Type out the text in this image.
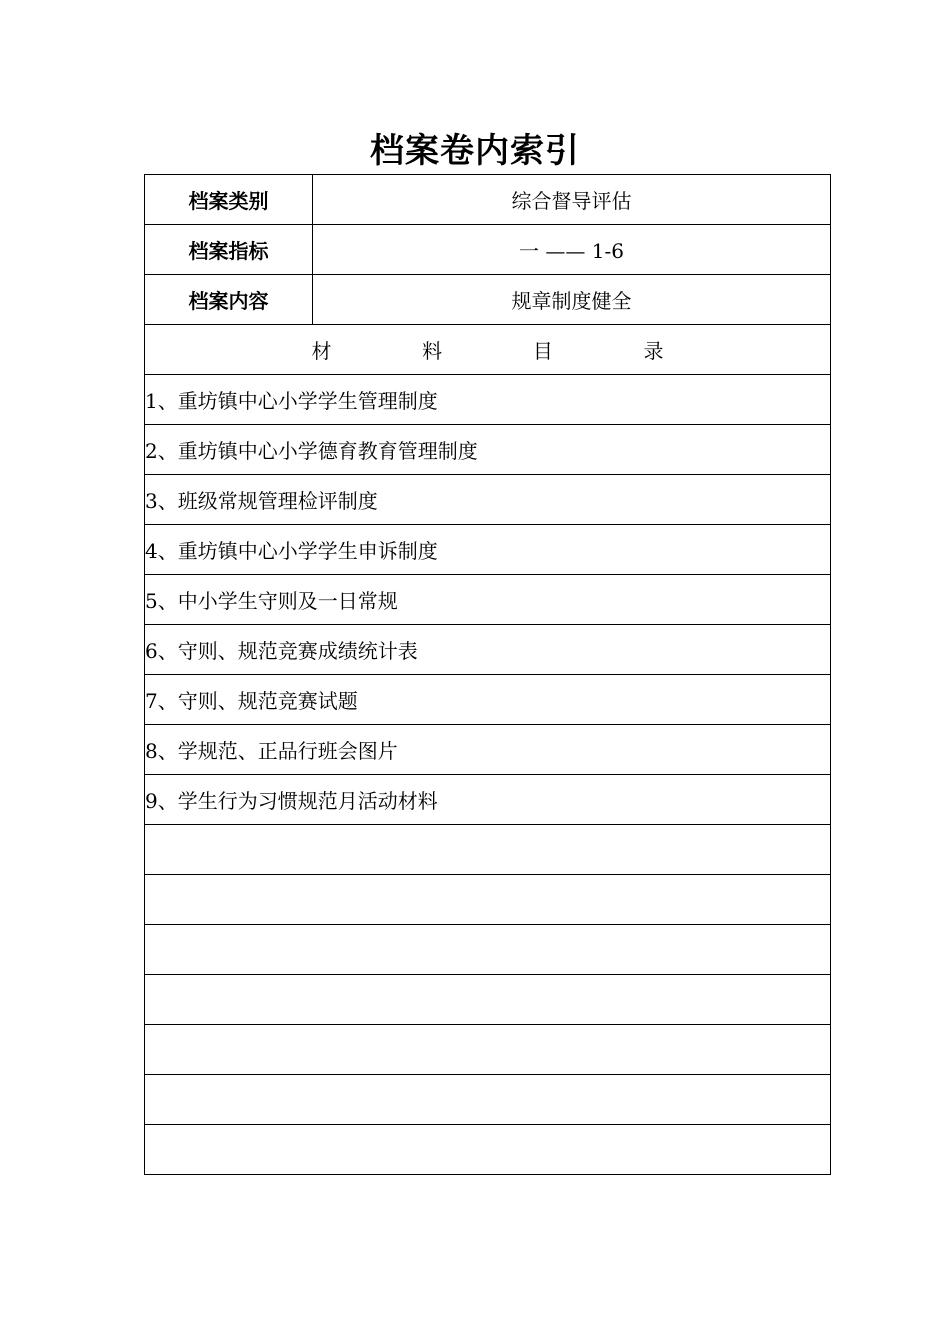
档案卷内索引
档案类别	综合督导评估
档案指标	一 —— 1-6
档案内容	规章制度健全

材 料 目 录	

1、重坊镇中心小学学生管理制度	
2、重坊镇中心小学德育教育管理制度	
3、班级常规管理检评制度	
4、重坊镇中心小学学生申诉制度	
5、中小学生守则及一日常规	
6、守则、规范竞赛成绩统计表	
7、守则、规范竞赛试题	
8、学规范、正品行班会图片	
9、学生行为习惯规范月活动材料	
